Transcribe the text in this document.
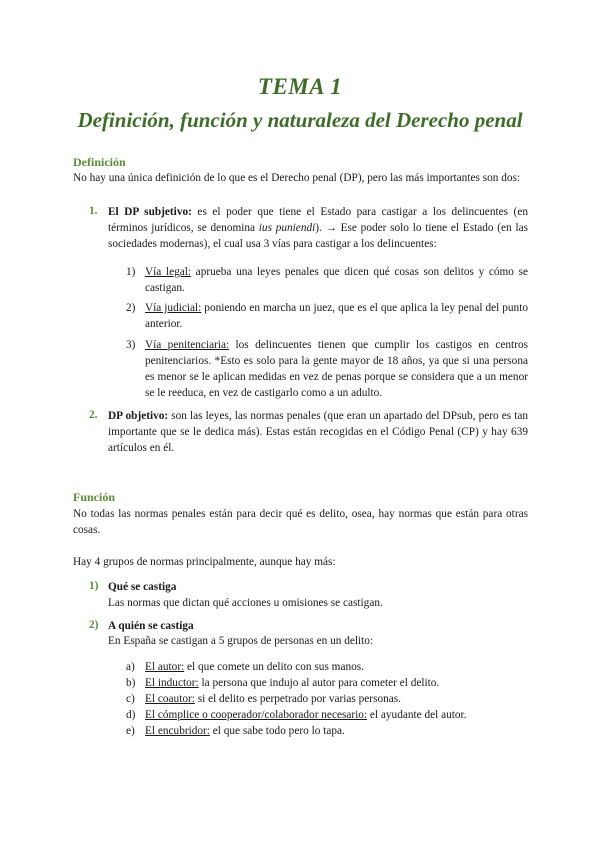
TEMA 1
Definición, función y naturaleza del Derecho penal
Definición

No hay una única definición de lo que es el Derecho penal (DP), pero las más importantes son dos:

1. El DP subjetivo: es el poder que tiene el Estado para castigar a los delincuentes (en términos jurídicos, se denomina ius puniendi). → Ese poder solo lo tiene el Estado (en las sociedades modernas), el cual usa 3 vías para castigar a los delincuentes:

1) Vía legal: aprueba una leyes penales que dicen qué cosas son delitos y cómo se castigan.

2) Vía judicial: poniendo en marcha un juez, que es el que aplica la ley penal del punto anterior.

3) Vía penitenciaria: los delincuentes tienen que cumplir los castigos en centros penitenciarios. *Esto es solo para la gente mayor de 18 años, ya que si una persona es menor se le aplican medidas en vez de penas porque se considera que a un menor se le reeduca, en vez de castigarlo como a un adulto.

2. DP objetivo: son las leyes, las normas penales (que eran un apartado del DPsub, pero es tan importante que se le dedica más). Estas están recogidas en el Código Penal (CP) y hay 639 artículos en él.

Función

No todas las normas penales están para decir qué es delito, osea, hay normas que están para otras cosas.

Hay 4 grupos de normas principalmente, aunque hay más:

1) Qué se castiga

Las normas que dictan qué acciones u omisiones se castigan.

2) A quién se castiga

En España se castigan a 5 grupos de personas en un delito:

a) El autor: el que comete un delito con sus manos.

b) El inductor: la persona que indujo al autor para cometer el delito.

c) El coautor: si el delito es perpetrado por varias personas.

d) El cómplice o cooperador/colaborador necesario: el ayudante del autor.

e) El encubridor: el que sabe todo pero lo tapa.
